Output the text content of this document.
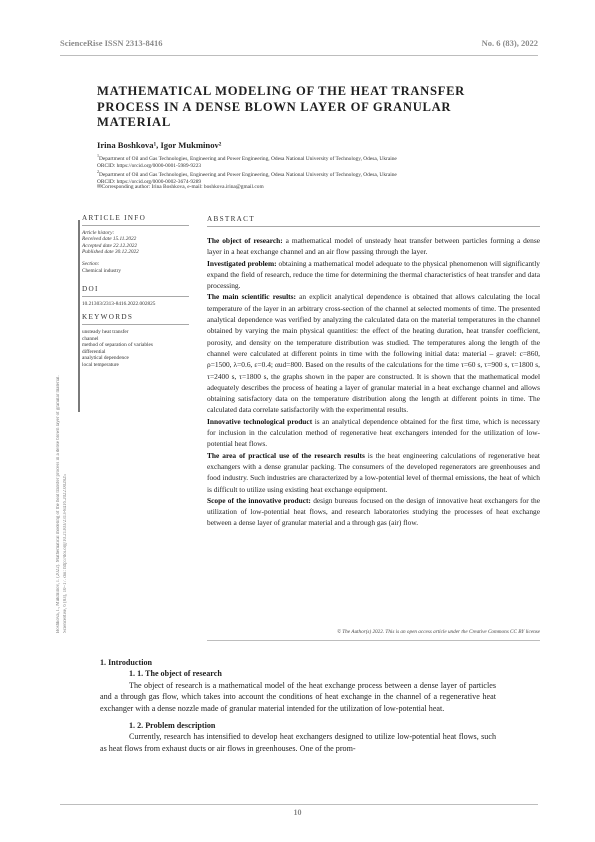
ScienceRise ISSN 2313-8416	No. 6 (83), 2022
MATHEMATICAL MODELING OF THE HEAT TRANSFER PROCESS IN A DENSE BLOWN LAYER OF GRANULAR MATERIAL
Irina Boshkova¹, Igor Mukminov²
$^1$Department of Oil and Gas Technologies, Engineering and Power Engineering, Odesa National University of Technology, Odesa, Ukraine
ORCID: https://orcid.org/0000-0001-5989-9223
$^2$Department of Oil and Gas Technologies, Engineering and Power Engineering, Odesa National University of Technology, Odesa, Ukraine
ORCID: https://orcid.org/0000-0002-3674-9289
✉Corresponding author: Irina Boshkova, e-mail: boshkova.irina@gmail.com
Boshkova, I., Mukminov, I. (2022). Mathematical modeling of the heat transfer process in a dense blown layer of granular material. ScienceRise, 6 (83), 10–17. doi: http://doi.org/10.21303/2313-8416.2022.002825
ARTICLE INFO
Article history:
Received date 15.11.2022
Accepted date 22.12.2022
Published date 30.12.2022
Section:
Chemical industry
DOI
10.21303/2313-8416.2022.002825
KEYWORDS
unsteady heat transfer
channel
method of separation of variables
differential
analytical dependence
local temperature
ABSTRACT

The object of research: a mathematical model of unsteady heat transfer between particles forming a dense layer in a heat exchange channel and an air flow passing through the layer.

Investigated problem: obtaining a mathematical model adequate to the physical phenomenon will significantly expand the field of research, reduce the time for determining the thermal characteristics of heat transfer and data processing.

The main scientific results: an explicit analytical dependence is obtained that allows calculating the local temperature of the layer in an arbitrary cross-section of the channel at selected moments of time. The presented analytical dependence was verified by analyzing the calculated data on the material temperatures in the channel obtained by varying the main physical quantities: the effect of the heating duration, heat transfer coefficient, porosity, and density on the temperature distribution was studied. The temperatures along the length of the channel were calculated at different points in time with the following initial data: material – gravel: c=860, ρ=1500, λ=0.6, ε=0.4; αud=800. Based on the results of the calculations for the time τ=60 s, τ=900 s, τ=1800 s, τ=2400 s, τ=1800 s, the graphs shown in the paper are constructed. It is shown that the mathematical model adequately describes the process of heating a layer of granular material in a heat exchange channel and allows obtaining satisfactory data on the temperature distribution along the length at different points in time. The calculated data correlate satisfactorily with the experimental results.

Innovative technological product is an analytical dependence obtained for the first time, which is necessary for inclusion in the calculation method of regenerative heat exchangers intended for the utilization of low-potential heat flows.

The area of practical use of the research results is the heat engineering calculations of regenerative heat exchangers with a dense granular packing. The consumers of the developed regenerators are greenhouses and food industry. Such industries are characterized by a low-potential level of thermal emissions, the heat of which is difficult to utilize using existing heat exchange equipment.

Scope of the innovative product: design bureaus focused on the design of innovative heat exchangers for the utilization of low-potential heat flows, and research laboratories studying the processes of heat exchange between a dense layer of granular material and a through gas (air) flow.

© The Author(s) 2022. This is an open access article under the Creative Commons CC BY license
1. Introduction
1. 1. The object of research
The object of research is a mathematical model of the heat exchange process between a dense layer of particles and a through gas flow, which takes into account the conditions of heat exchange in the channel of a regenerative heat exchanger with a dense nozzle made of granular material intended for the utilization of low-potential heat.
1. 2. Problem description
Currently, research has intensified to develop heat exchangers designed to utilize low-potential heat flows, such as heat flows from exhaust ducts or air flows in greenhouses. One of the prom-
10
